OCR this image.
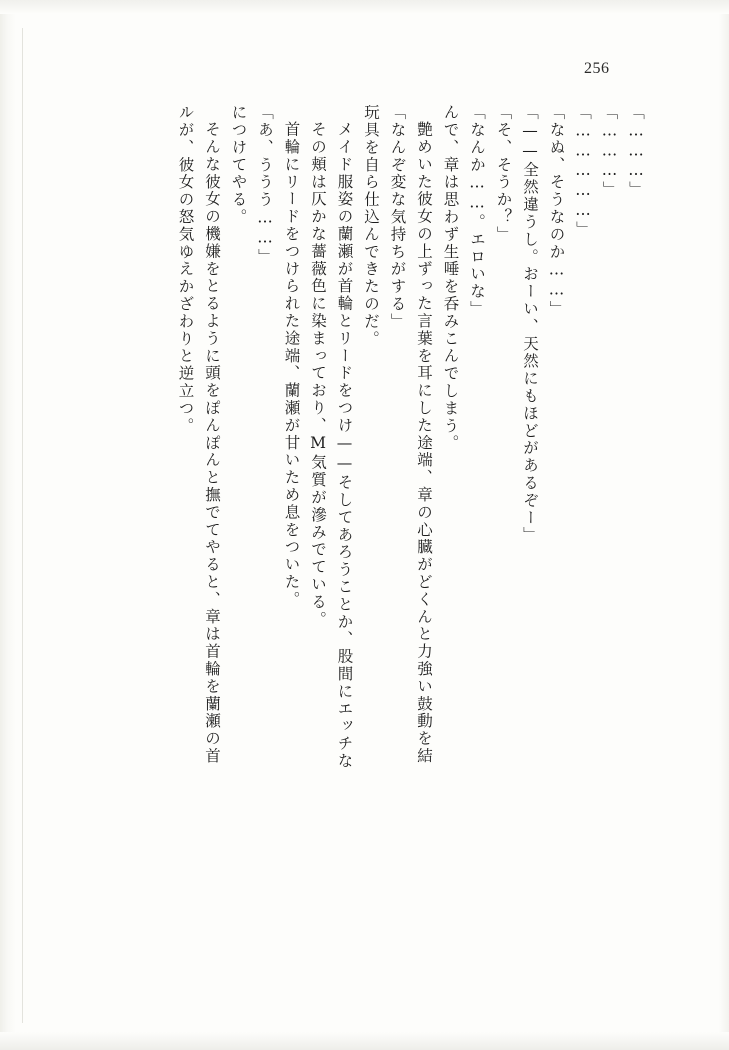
256
ルが、彼女の怒気ゆえかざわりと逆立つ。 そんな彼女の機嫌をとるように頭をぽんぽんと撫でてやると、章は首輪を蘭瀬の首 につけてやる。 「あ、ううう……」 首輪にリードをつけられた途端、蘭瀬が甘いため息をついた。 その頬は仄かな薔薇色に染まっており、M気質が滲みでている。 メイド服姿の蘭瀬が首輪とリードをつけ——そしてあろうことか、股間にエッチな 玩具を自ら仕込んできたのだ。 「なんぞ変な気持ちがする」 艶めいた彼女の上ずった言葉を耳にした途端、章の心臓がどくんと力強い鼓動を結 んで、章は思わず生唾を呑みこんでしまう。 「なんか……。エロいな」 「そ、そうか？」 「——全然違うし。おーい、天然にもほどがあるぞー」 「なぬ、そうなのか……」 「……………」 「………」 「………」
